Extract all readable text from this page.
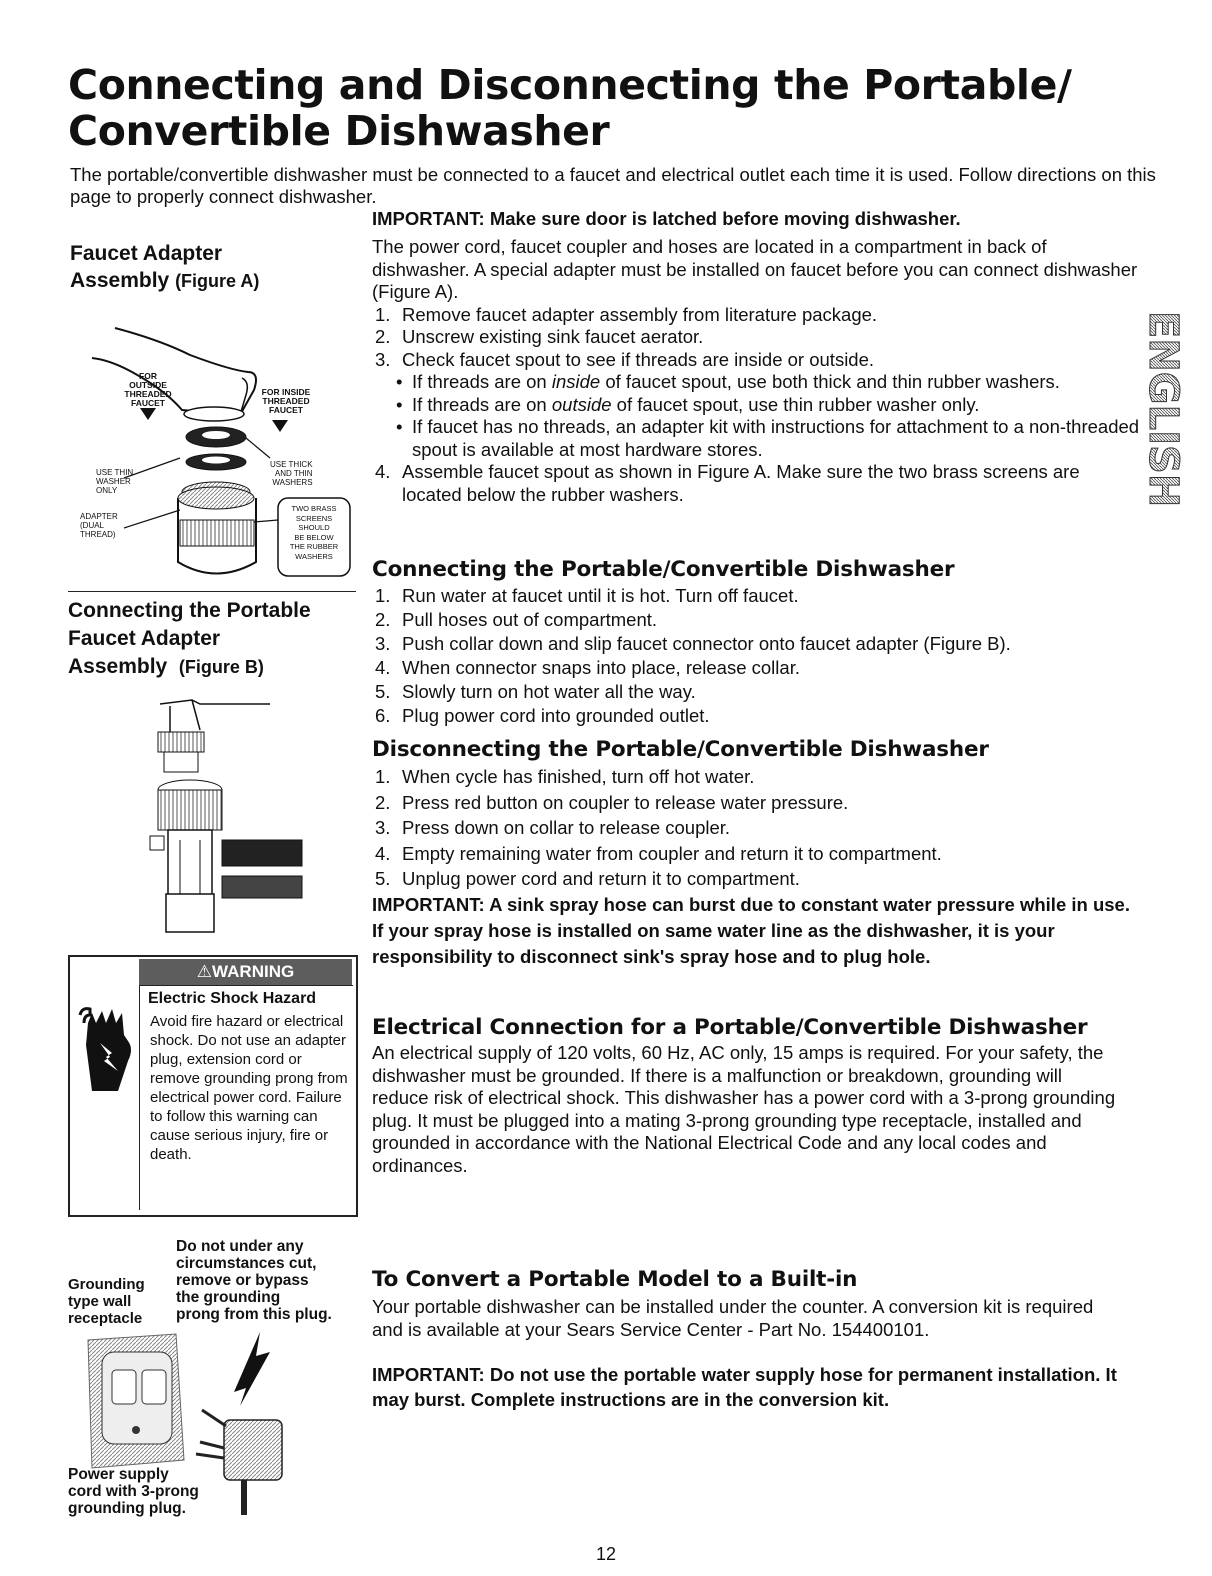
Connecting and Disconnecting the Portable/ Convertible Dishwasher

The portable/convertible dishwasher must be connected to a faucet and electrical outlet each time it is used. Follow directions on this page to properly connect dishwasher.

Faucet Adapter
Assembly (Figure A)
FOR
OUTSIDE
THREADED
FAUCET
FOR INSIDE
THREADED
FAUCET
USE THIN
WASHER
ONLY
USE THICK
AND THIN
WASHERS
ADAPTER
(DUAL
THREAD)
TWO BRASS
SCREENS
SHOULD
BE BELOW
THE RUBBER
WASHERS
Connecting the Portable
Faucet Adapter
Assembly (Figure B)
⚠WARNING
Electric Shock Hazard
Avoid fire hazard or electrical shock. Do not use an adapter plug, extension cord or remove grounding prong from electrical power cord. Failure to follow this warning can cause serious injury, fire or death.
Do not under any
circumstances cut,
remove or bypass
the grounding
prong from this plug.
Grounding
type wall
receptacle
Power supply
cord with 3-prong
grounding plug.
IMPORTANT: Make sure door is latched before moving dishwasher.

The power cord, faucet coupler and hoses are located in a compartment in back of dishwasher. A special adapter must be installed on faucet before you can connect dishwasher (Figure A).

1. Remove faucet adapter assembly from literature package.
2. Unscrew existing sink faucet aerator.
3. Check faucet spout to see if threads are inside or outside.
• If threads are on inside of faucet spout, use both thick and thin rubber washers.
• If threads are on outside of faucet spout, use thin rubber washer only.
• If faucet has no threads, an adapter kit with instructions for attachment to a non-threaded spout is available at most hardware stores.
4. Assemble faucet spout as shown in Figure A. Make sure the two brass screens are located below the rubber washers.
Connecting the Portable/Convertible Dishwasher
1. Run water at faucet until it is hot. Turn off faucet.
2. Pull hoses out of compartment.
3. Push collar down and slip faucet connector onto faucet adapter (Figure B).
4. When connector snaps into place, release collar.
5. Slowly turn on hot water all the way.
6. Plug power cord into grounded outlet.
Disconnecting the Portable/Convertible Dishwasher
1. When cycle has finished, turn off hot water.
2. Press red button on coupler to release water pressure.
3. Press down on collar to release coupler.
4. Empty remaining water from coupler and return it to compartment.
5. Unplug power cord and return it to compartment.
IMPORTANT: A sink spray hose can burst due to constant water pressure while in use. If your spray hose is installed on same water line as the dishwasher, it is your responsibility to disconnect sink's spray hose and to plug hole.
Electrical Connection for a Portable/Convertible Dishwasher

An electrical supply of 120 volts, 60 Hz, AC only, 15 amps is required. For your safety, the dishwasher must be grounded. If there is a malfunction or breakdown, grounding will reduce risk of electrical shock. This dishwasher has a power cord with a 3-prong grounding plug. It must be plugged into a mating 3-prong grounding type receptacle, installed and grounded in accordance with the National Electrical Code and any local codes and ordinances.

To Convert a Portable Model to a Built-in

Your portable dishwasher can be installed under the counter. A conversion kit is required and is available at your Sears Service Center - Part No. 154400101.

IMPORTANT: Do not use the portable water supply hose for permanent installation. It may burst. Complete instructions are in the conversion kit.
ENGLISH
12
